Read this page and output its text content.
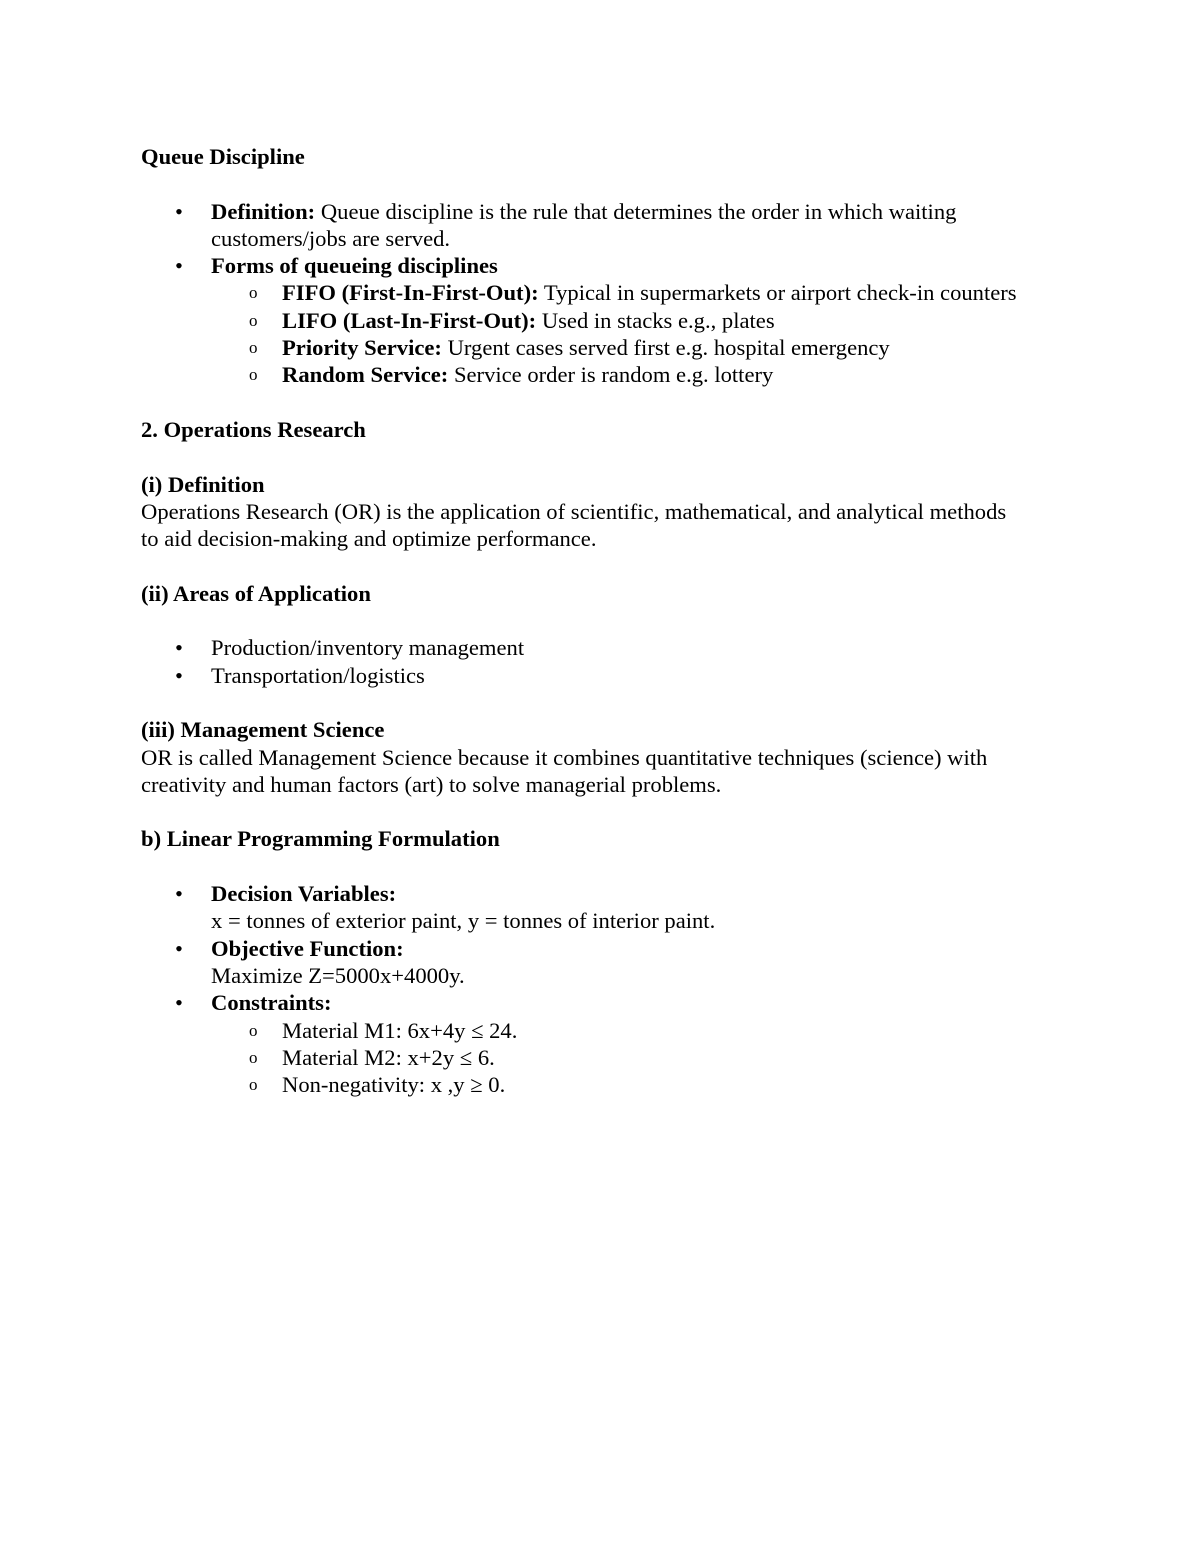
Queue Discipline
• Definition: Queue discipline is the rule that determines the order in which waiting
customers/jobs are served.
• Forms of queueing disciplines
o FIFO (First-In-First-Out): Typical in supermarkets or airport check-in counters
o LIFO (Last-In-First-Out): Used in stacks e.g., plates
o Priority Service: Urgent cases served first e.g. hospital emergency
o Random Service: Service order is random e.g. lottery
2. Operations Research
(i) Definition
Operations Research (OR) is the application of scientific, mathematical, and analytical methods
to aid decision-making and optimize performance.
(ii) Areas of Application
• Production/inventory management
• Transportation/logistics
(iii) Management Science
OR is called Management Science because it combines quantitative techniques (science) with
creativity and human factors (art) to solve managerial problems.
b) Linear Programming Formulation
• Decision Variables:
x = tonnes of exterior paint, y = tonnes of interior paint.
• Objective Function:
Maximize Z=5000x+4000y.
• Constraints:
o Material M1: 6x+4y ≤ 24.
o Material M2: x+2y ≤ 6.
o Non-negativity: x ,y ≥ 0.
